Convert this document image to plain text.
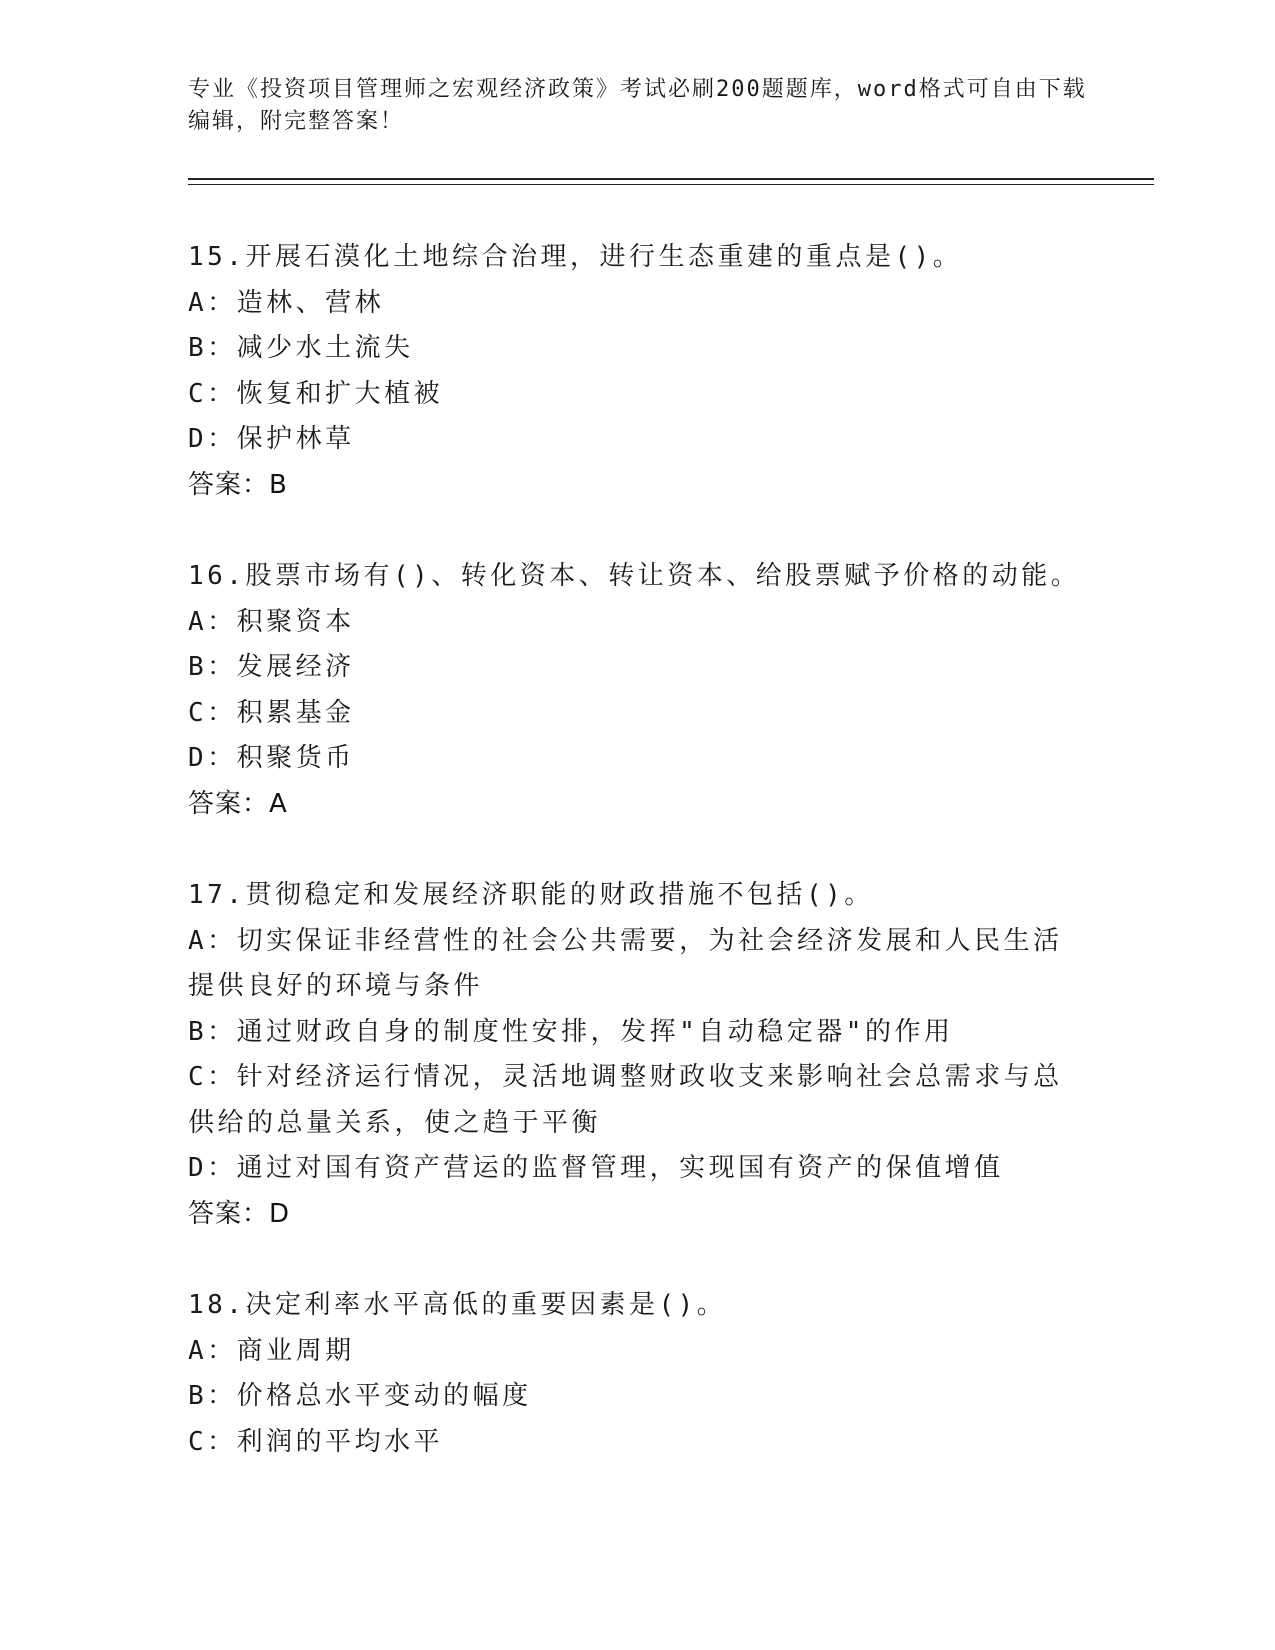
专业《投资项目管理师之宏观经济政策》考试必刷200题题库，word格式可自由下载编辑，附完整答案！
15.开展石漠化土地综合治理，进行生态重建的重点是()。
A：造林、营林
B：减少水土流失
C：恢复和扩大植被
D：保护林草
答案：B
16.股票市场有()、转化资本、转让资本、给股票赋予价格的动能。
A：积聚资本
B：发展经济
C：积累基金
D：积聚货币
答案：A
17.贯彻稳定和发展经济职能的财政措施不包括()。
A：切实保证非经营性的社会公共需要，为社会经济发展和人民生活提供良好的环境与条件
B：通过财政自身的制度性安排，发挥"自动稳定器"的作用
C：针对经济运行情况，灵活地调整财政收支来影响社会总需求与总供给的总量关系，使之趋于平衡
D：通过对国有资产营运的监督管理，实现国有资产的保值增值
答案：D
18.决定利率水平高低的重要因素是()。
A：商业周期
B：价格总水平变动的幅度
C：利润的平均水平
